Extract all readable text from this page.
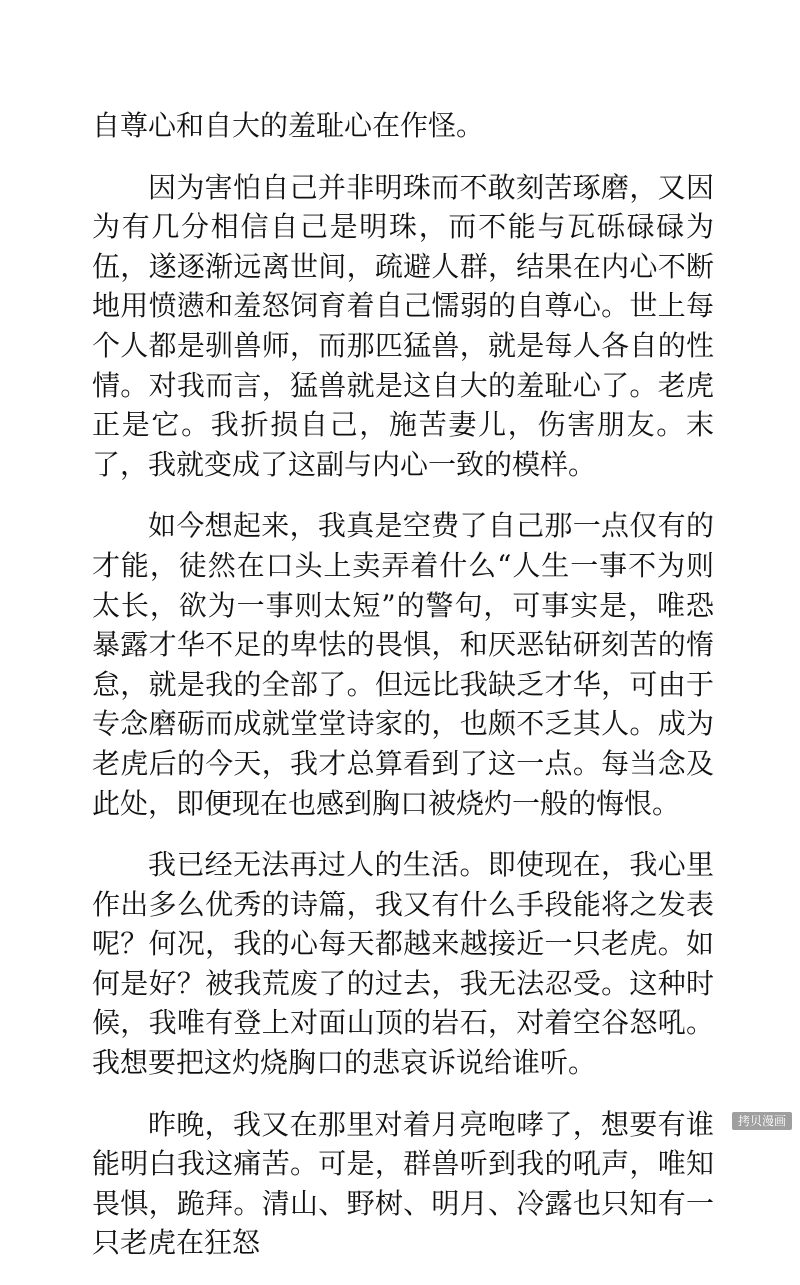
自尊心和自大的羞耻心在作怪。

因为害怕自己并非明珠而不敢刻苦琢磨，又因为有几分相信自己是明珠，而不能与瓦砾碌碌为伍，遂逐渐远离世间，疏避人群，结果在内心不断地用愤懑和羞怒饲育着自己懦弱的自尊心。世上每个人都是驯兽师，而那匹猛兽，就是每人各自的性情。对我而言，猛兽就是这自大的羞耻心了。老虎正是它。我折损自己，施苦妻儿，伤害朋友。末了，我就变成了这副与内心一致的模样。

如今想起来，我真是空费了自己那一点仅有的才能，徒然在口头上卖弄着什么“人生一事不为则太长，欲为一事则太短”的警句，可事实是，唯恐暴露才华不足的卑怯的畏惧，和厌恶钻研刻苦的惰怠，就是我的全部了。但远比我缺乏才华，可由于专念磨砺而成就堂堂诗家的，也颇不乏其人。成为老虎后的今天，我才总算看到了这一点。每当念及此处，即便现在也感到胸口被烧灼一般的悔恨。

我已经无法再过人的生活。即使现在，我心里作出多么优秀的诗篇，我又有什么手段能将之发表呢？何况，我的心每天都越来越接近一只老虎。如何是好？被我荒废了的过去，我无法忍受。这种时候，我唯有登上对面山顶的岩石，对着空谷怒吼。我想要把这灼烧胸口的悲哀诉说给谁听。

昨晚，我又在那里对着月亮咆哮了，想要有谁能明白我这痛苦。可是，群兽听到我的吼声，唯知畏惧，跪拜。清山、野树、明月、冷露也只知有一只老虎在狂怒

拷贝漫画
